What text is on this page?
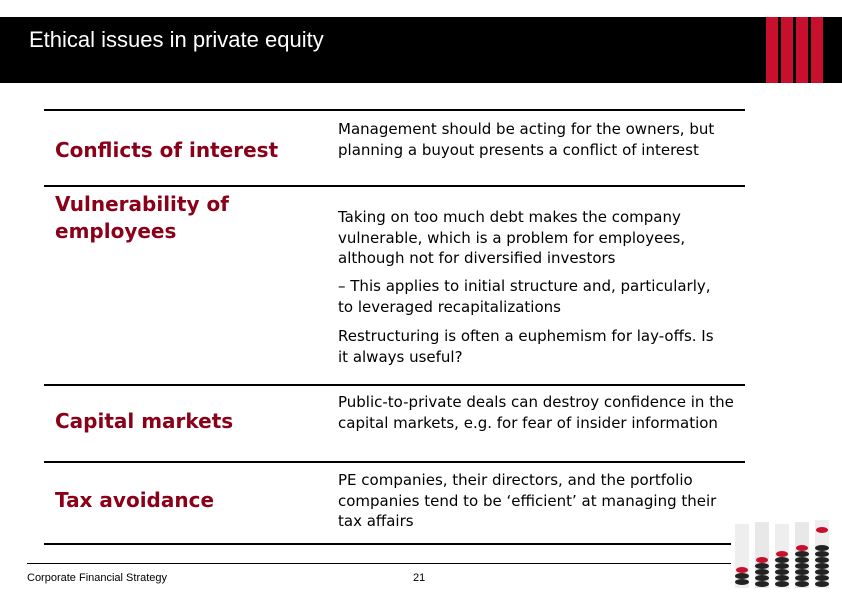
Ethical issues in private equity
Conflicts of interest
Management should be acting for the owners, but planning a buyout presents a conflict of interest
Vulnerability of employees
Taking on too much debt makes the company vulnerable, which is a problem for employees, although not for diversified investors
– This applies to initial structure and, particularly, to leveraged recapitalizations
Restructuring is often a euphemism for lay-offs. Is it always useful?
Capital markets
Public-to-private deals can destroy confidence in the capital markets, e.g. for fear of insider information
Tax avoidance
PE companies, their directors, and the portfolio companies tend to be ‘efficient’ at managing their tax affairs
Corporate Financial Strategy	21
